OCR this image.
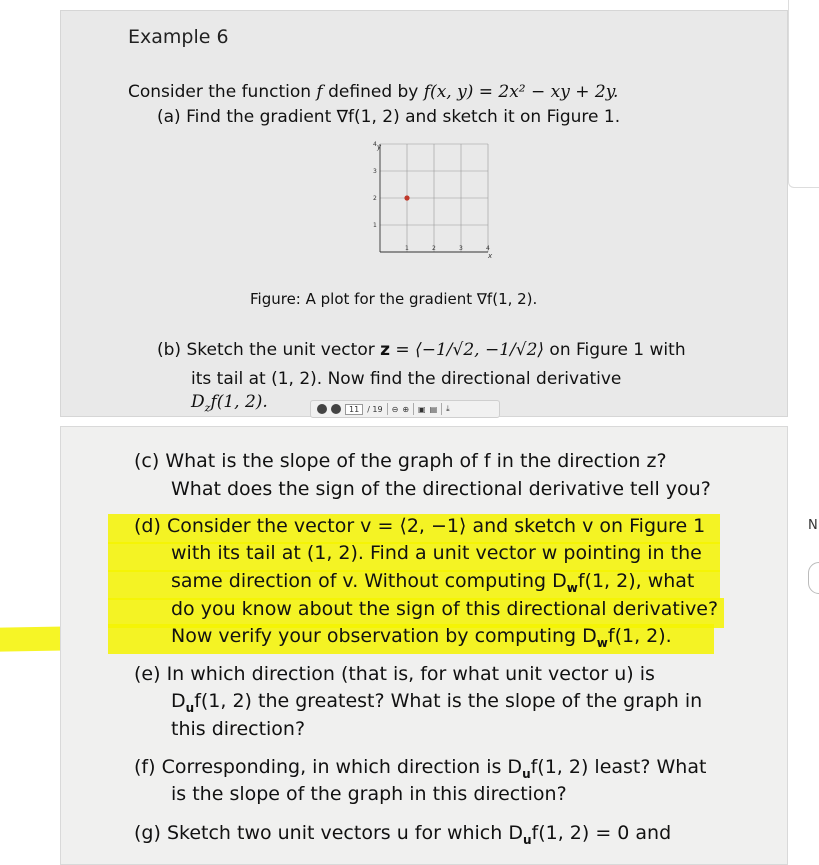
N
Example 6
Consider the function f defined by f(x, y) = 2x² − xy + 2y.
(a) Find the gradient ∇f(1, 2) and sketch it on Figure 1.
1	2	3	4
1
2
3
4 y
x
Figure: A plot for the gradient ∇f(1, 2).
(b) Sketch the unit vector z = ⟨−1/√2, −1/√2⟩ on Figure 1 with
its tail at (1, 2). Now find the directional derivative
$D_zf(1$, 2).	11	/ 19 ⊖ ⊕ ▣ ▤ ⤓
(c) What is the slope of the graph of f in the direction z?
What does the sign of the directional derivative tell you?
(d) Consider the vector v = ⟨2, −1⟩ and sketch v on Figure 1
with its tail at (1, 2). Find a unit vector w pointing in the
same direction of v. Without computing $D_wf(1$, 2), what
do you know about the sign of this directional derivative?
Now verify your observation by computing $D_wf(1$, 2).
(e) In which direction (that is, for what unit vector u) is
$D_uf(1$, 2) the greatest? What is the slope of the graph in
this direction?
(f) Corresponding, in which direction is $D_uf(1$, 2) least? What
is the slope of the graph in this direction?
(g) Sketch two unit vectors u for which $D_uf(1$, 2) = 0 and
